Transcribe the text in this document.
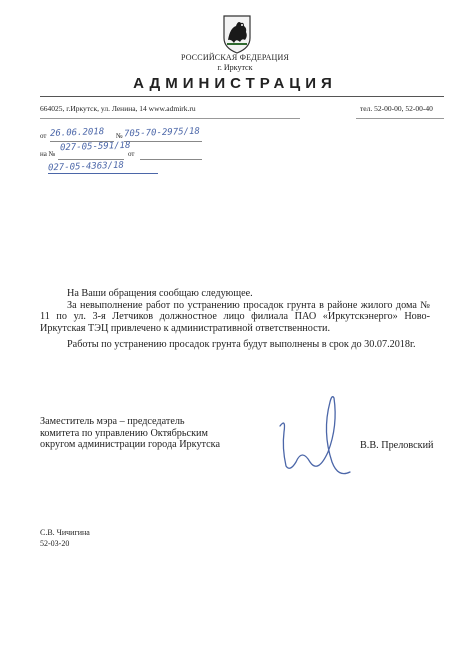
РОССИЙСКАЯ ФЕДЕРАЦИЯ
г. Иркутск
АДМИНИСТРАЦИЯ
664025, г.Иркутск, ул. Ленина, 14 www.admirk.ru	тел. 52-00-00, 52-00-40
от	№
26.06.2018 705-70-2975/18
на №	от
027-05-591/18
027-05-4363/18

На Ваши обращения сообщаю следующее.

За невыполнение работ по устранению просадок грунта в районе жилого дома № 11 по ул. 3-я Летчиков должностное лицо филиала ПАО «Иркутскэнерго» Ново-Иркутская ТЭЦ привлечено к административной ответственности.

Работы по устранению просадок грунта будут выполнены в срок до 30.07.2018г.

Заместитель мэра – председатель
комитета по управлению Октябрьским
округом администрации города Иркутска	В.В. Преловский
С.В. Чичигина
52-03-20
